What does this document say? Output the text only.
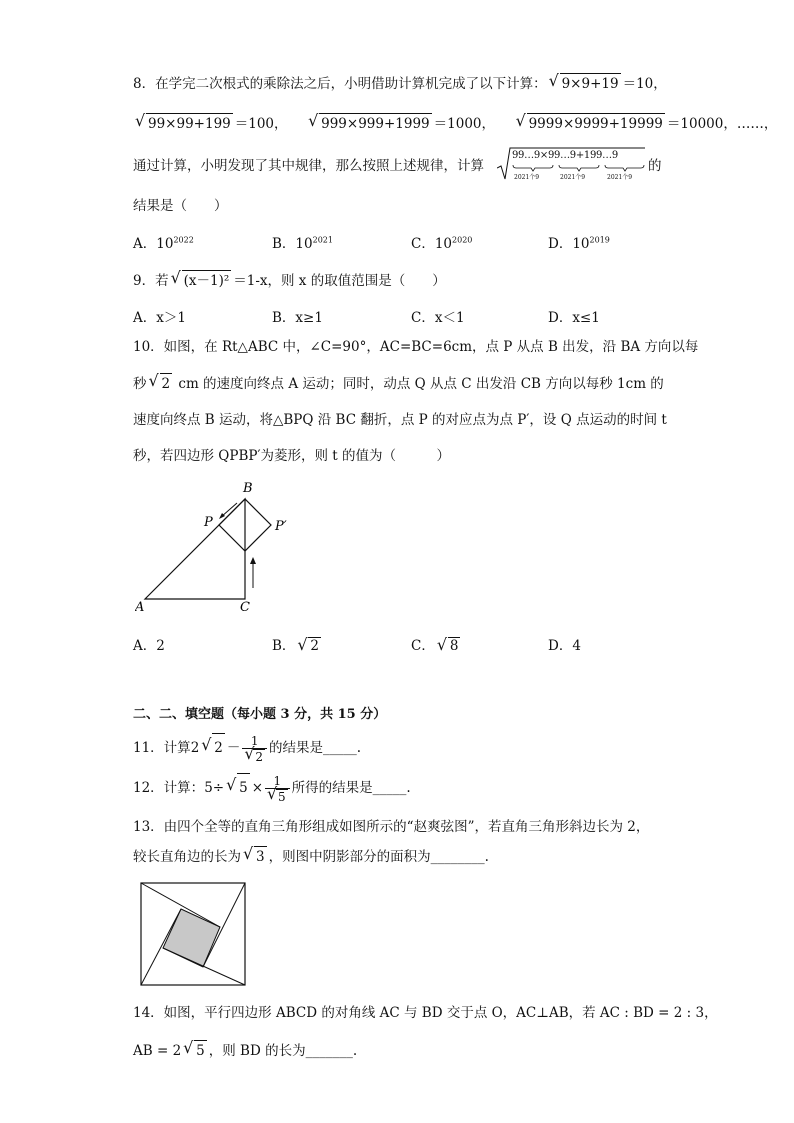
8．在学完二次根式的乘除法之后，小明借助计算机完成了以下计算： √ 9×9+19 ＝10，
√ 99×99+199 ＝100， √ 999×999+1999 ＝1000， √ 9999×9999+19999 ＝10000，……，
通过计算，小明发现了其中规律，那么按照上述规律，计算
99…9×99…9+199…9
2021个9	2021个9	2021个9
的
结果是（　　）
A．$10^{2022}$	B．$10^{2021}$	C．$10^{2020}$	D．$10^{2019}$
9．若 √ (x－1)² ＝1-x，则 x 的取值范围是（　　）
A．x＞1	B．x≥1	C．x＜1	D．x≤1
10．如图，在 Rt△ABC 中，∠C=90°，AC=BC=6cm，点 P 从点 B 出发，沿 BA 方向以每
秒 √ 2 cm 的速度向终点 A 运动；同时，动点 Q 从点 C 出发沿 CB 方向以每秒 1cm 的
速度向终点 B 运动，将△BPQ 沿 BC 翻折，点 P 的对应点为点 P′，设 Q 点运动的时间 t
秒，若四边形 QPBP′为菱形，则 t 的值为（　　　）
A	C
B
P	P′
A．2	B． √ 2	C． √ 8	D．4
二、二、填空题（每小题 3 分，共 15 分）
11．计算2 √ 2 － 1
√ 2 的结果是_____.
12．计算：5÷ √ 5 × 1
√ 5 所得的结果是_____.
13．由四个全等的直角三角形组成如图所示的“赵爽弦图”，若直角三角形斜边长为 2，
较长直角边的长为 √ 3 ，则图中阴影部分的面积为________.
14．如图，平行四边形 ABCD 的对角线 AC 与 BD 交于点 O，AC⊥AB，若 AC : BD = 2 : 3，
AB = 2 √ 5 ，则 BD 的长为_______.
